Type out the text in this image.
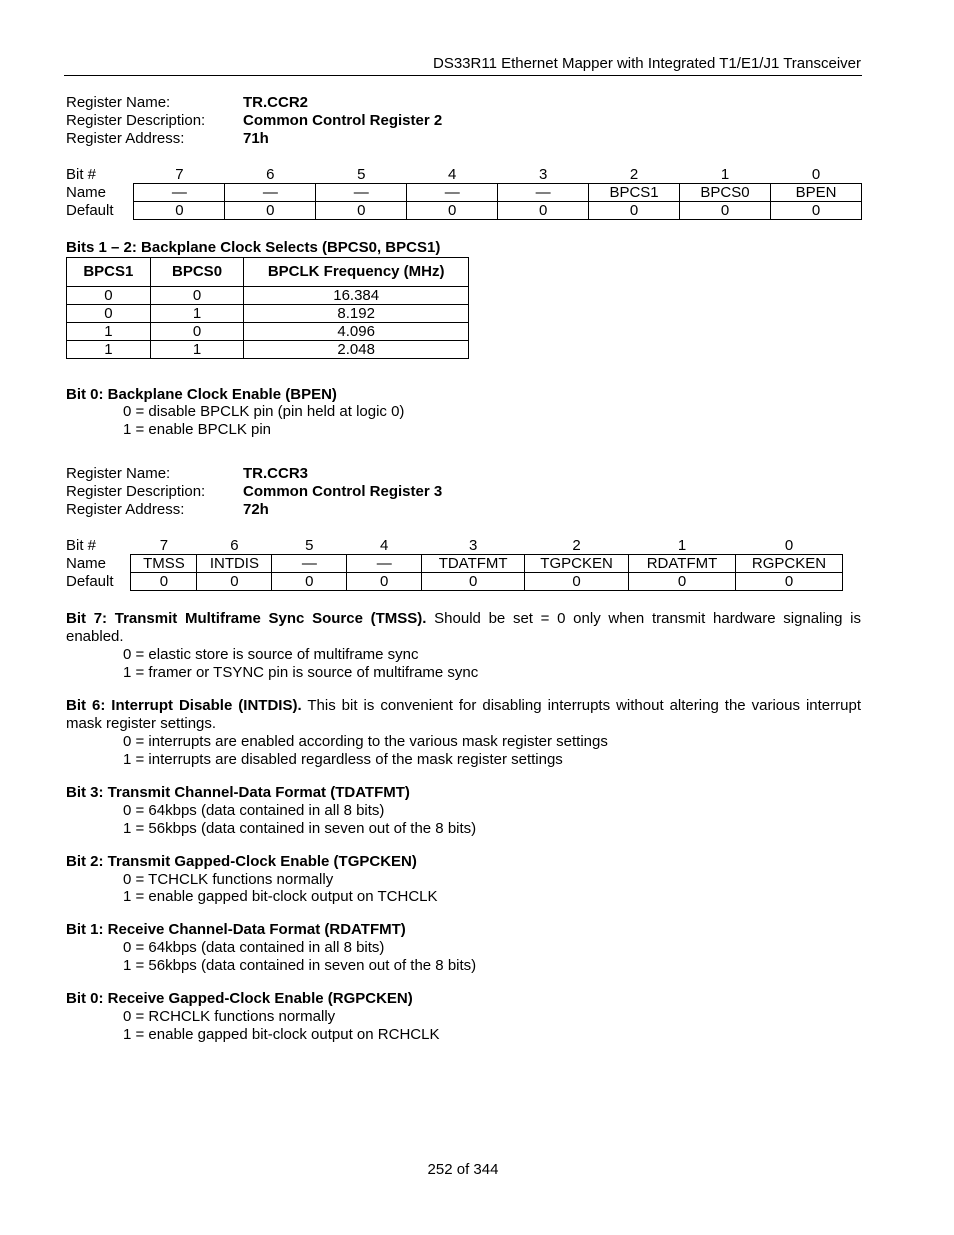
DS33R11 Ethernet Mapper with Integrated T1/E1/J1 Transceiver
Register Name:	TR.CCR2
Register Description:	Common Control Register 2
Register Address:	71h
Bit #	7	6	5	4	3	2	1	0
Name	—	—	—	—	—	BPCS1	BPCS0	BPEN
Default	0	0	0	0	0	0	0	0
Bits 1 – 2: Backplane Clock Selects (BPCS0, BPCS1)
BPCS1	BPCS0	BPCLK Frequency (MHz)
0	0	16.384
0	1	8.192
1	0	4.096
1	1	2.048
Bit 0: Backplane Clock Enable (BPEN)
0 = disable BPCLK pin (pin held at logic 0)
1 = enable BPCLK pin
Register Name:	TR.CCR3
Register Description:	Common Control Register 3
Register Address:	72h
Bit #	7	6	5	4	3	2	1	0
Name	TMSS	INTDIS	—	—	TDATFMT	TGPCKEN	RDATFMT	RGPCKEN
Default	0	0	0	0	0	0	0	0
Bit 7: Transmit Multiframe Sync Source (TMSS). Should be set = 0 only when transmit hardware signaling is enabled.
0 = elastic store is source of multiframe sync
1 = framer or TSYNC pin is source of multiframe sync
Bit 6: Interrupt Disable (INTDIS). This bit is convenient for disabling interrupts without altering the various interrupt mask register settings.
0 = interrupts are enabled according to the various mask register settings
1 = interrupts are disabled regardless of the mask register settings
Bit 3: Transmit Channel-Data Format (TDATFMT)
0 = 64kbps (data contained in all 8 bits)
1 = 56kbps (data contained in seven out of the 8 bits)
Bit 2: Transmit Gapped-Clock Enable (TGPCKEN)
0 = TCHCLK functions normally
1 = enable gapped bit-clock output on TCHCLK
Bit 1: Receive Channel-Data Format (RDATFMT)
0 = 64kbps (data contained in all 8 bits)
1 = 56kbps (data contained in seven out of the 8 bits)
Bit 0: Receive Gapped-Clock Enable (RGPCKEN)
0 = RCHCLK functions normally
1 = enable gapped bit-clock output on RCHCLK
252 of 344
